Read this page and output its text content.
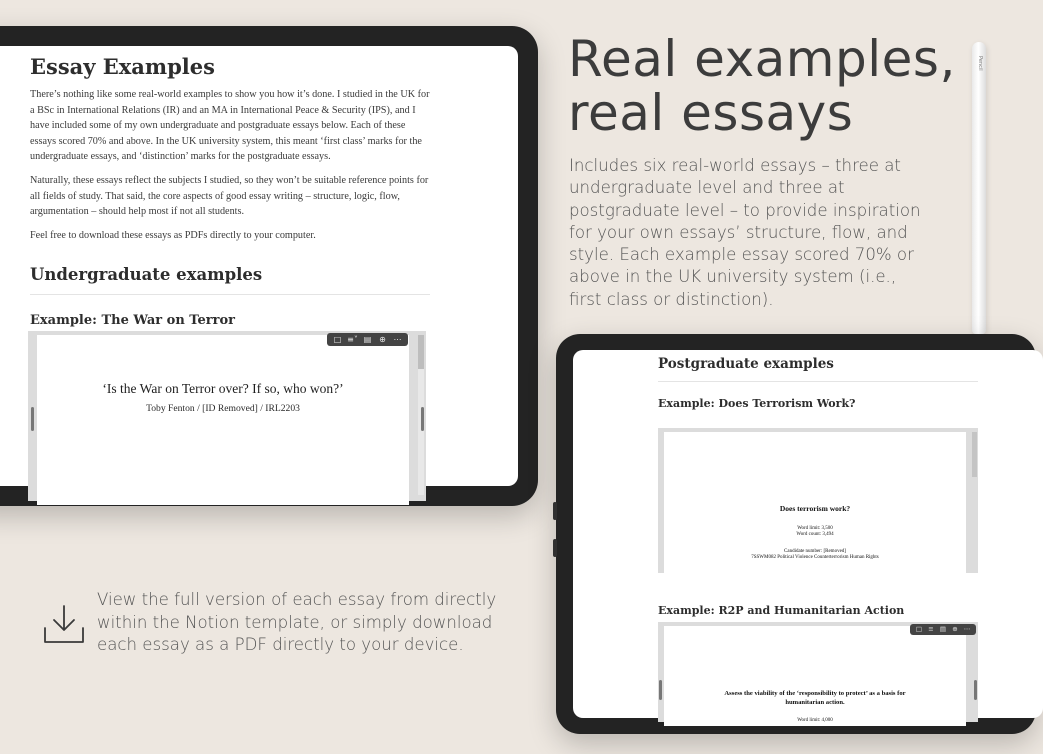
Essay Examples

There’s nothing like some real-world examples to show you how it’s done. I studied in the UK for a BSc in International Relations (IR) and an MA in International Peace & Security (IPS), and I have included some of my own undergraduate and postgraduate essays below. Each of these essays scored 70% and above. In the UK university system, this meant ‘first class’ marks for the undergraduate essays, and ‘distinction’ marks for the postgraduate essays.

Naturally, these essays reflect the subjects I studied, so they won’t be suitable reference points for all fields of study. That said, the core aspects of good essay writing – structure, logic, flow, argumentation – should help most if not all students.

Feel free to download these essays as PDFs directly to your computer.

Undergraduate examples
Example: The War on Terror
‘Is the War on Terror over? If so, who won?’
Toby Fenton / [ID Removed] / IRL2203
□ ≡˅ ▤ ⊕ ⋯
Real examples,
real essays
Includes six real-world essays – three at undergraduate level and three at postgraduate level – to provide inspiration for your own essays’ structure, flow, and style. Each example essay scored 70% or above in the UK university system (i.e., first class or distinction).
Pencil
Postgraduate examples
Example: Does Terrorism Work?
Does terrorism work?
Word limit: 3,500
Word count: 3,494
Candidate number: [Removed]
7SSWM082 Political Violence Counterterrorism Human Rights
Example: R2P and Humanitarian Action
Assess the viability of the ‘responsibility to protect’ as a basis for
humanitarian action.
Word limit: 4,000
□ ≡ ▤ ⊕ ⋯
View the full version of each essay from directly within the Notion template, or simply download each essay as a PDF directly to your device.
